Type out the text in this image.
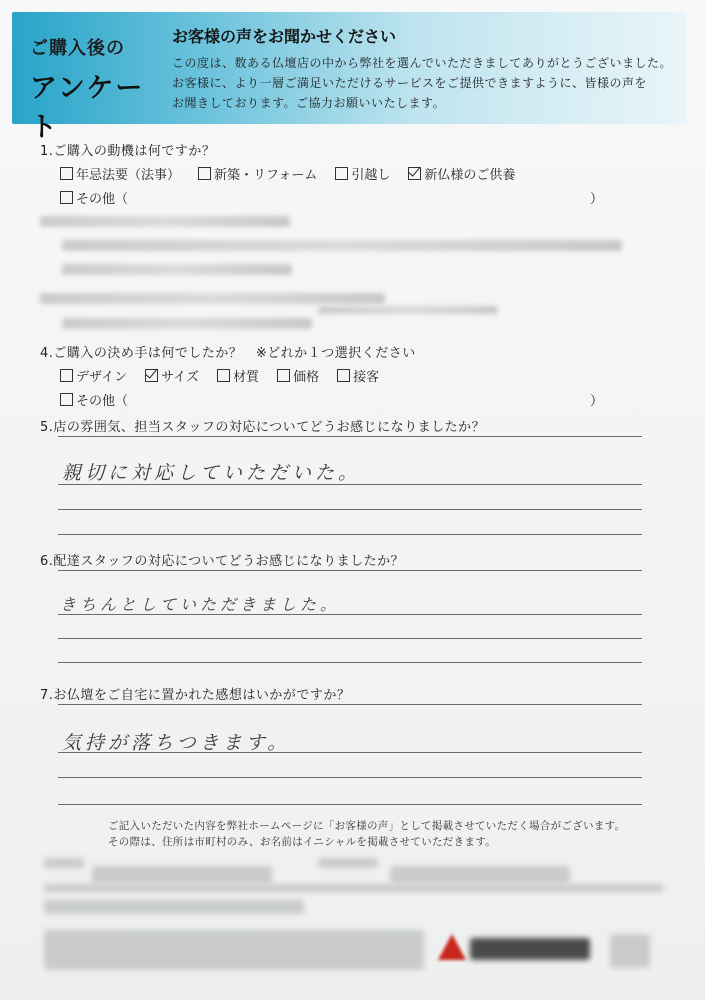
ご購入後の
アンケート
お客様の声をお聞かせください
この度は、数ある仏壇店の中から弊社を選んでいただきましてありがとうございました。
お客様に、より一層ご満足いただけるサービスをご提供できますように、皆様の声を
お聞きしております。ご協力お願いいたします。
1.ご購入の動機は何ですか？
年忌法要（法事）	新築・リフォーム	引越し	新仏様のご供養
その他（	）
4.ご購入の決め手は何でしたか？　※どれか１つ選択ください
デザイン	サイズ	材質	価格	接客
その他（	）
5.店の雰囲気、担当スタッフの対応についてどうお感じになりましたか？
親切に対応していただいた。
6.配達スタッフの対応についてどうお感じになりましたか？
きちんとしていただきました。
7.お仏壇をご自宅に置かれた感想はいかがですか？
気持が落ちつきます。
ご記入いただいた内容を弊社ホームページに「お客様の声」として掲載させていただく場合がございます。
その際は、住所は市町村のみ、お名前はイニシャルを掲載させていただきます。
